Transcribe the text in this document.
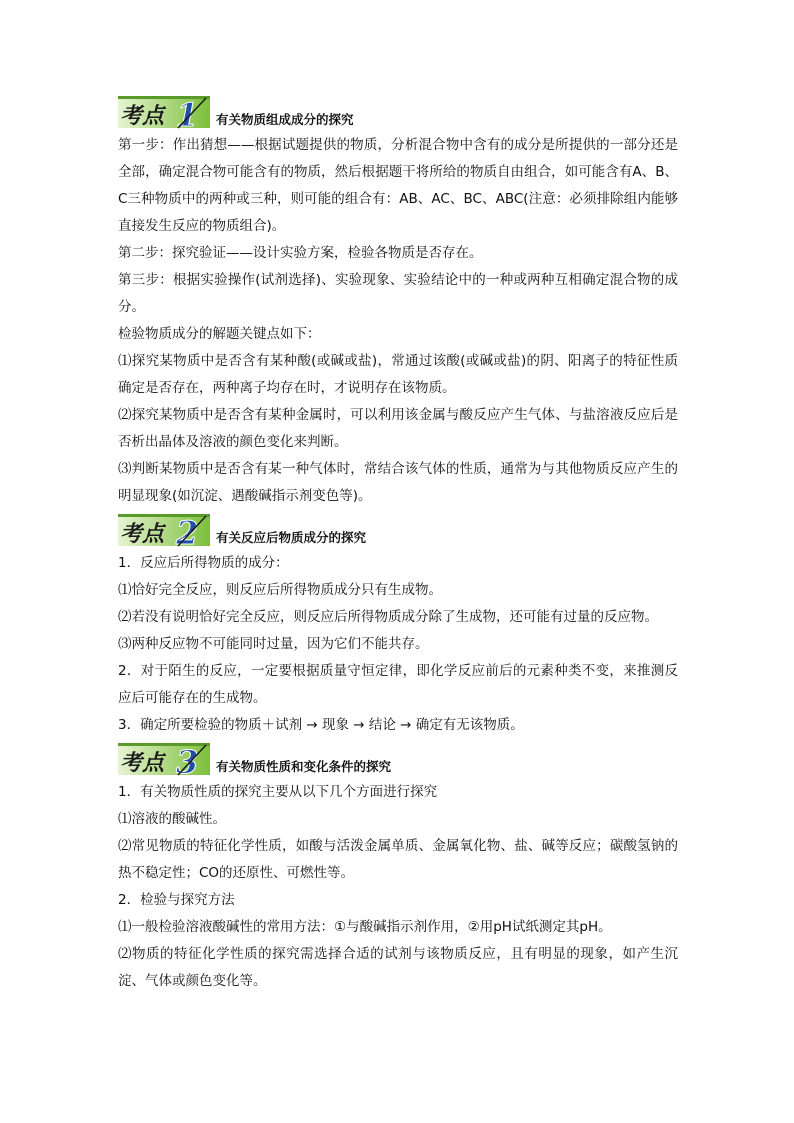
考点 1 有关物质组成成分的探究

第一步：作出猜想——根据试题提供的物质，分析混合物中含有的成分是所提供的一部分还是全部，确定混合物可能含有的物质，然后根据题干将所给的物质自由组合，如可能含有A、B、C三种物质中的两种或三种，则可能的组合有：AB、AC、BC、ABC(注意：必须排除组内能够直接发生反应的物质组合)。

第二步：探究验证——设计实验方案，检验各物质是否存在。

第三步：根据实验操作(试剂选择)、实验现象、实验结论中的一种或两种互相确定混合物的成分。

检验物质成分的解题关键点如下：

⑴探究某物质中是否含有某种酸(或碱或盐)，常通过该酸(或碱或盐)的阴、阳离子的特征性质确定是否存在，两种离子均存在时，才说明存在该物质。

⑵探究某物质中是否含有某种金属时，可以利用该金属与酸反应产生气体、与盐溶液反应后是否析出晶体及溶液的颜色变化来判断。

⑶判断某物质中是否含有某一种气体时，常结合该气体的性质，通常为与其他物质反应产生的明显现象(如沉淀、遇酸碱指示剂变色等)。

考点 2 有关反应后物质成分的探究

1．反应后所得物质的成分：

⑴恰好完全反应，则反应后所得物质成分只有生成物。

⑵若没有说明恰好完全反应，则反应后所得物质成分除了生成物，还可能有过量的反应物。

⑶两种反应物不可能同时过量，因为它们不能共存。

2．对于陌生的反应，一定要根据质量守恒定律，即化学反应前后的元素种类不变，来推测反应后可能存在的生成物。

3．确定所要检验的物质＋试剂 → 现象 → 结论 → 确定有无该物质。

考点 3 有关物质性质和变化条件的探究

1．有关物质性质的探究主要从以下几个方面进行探究

⑴溶液的酸碱性。

⑵常见物质的特征化学性质，如酸与活泼金属单质、金属氧化物、盐、碱等反应；碳酸氢钠的热不稳定性；CO的还原性、可燃性等。

2．检验与探究方法

⑴一般检验溶液酸碱性的常用方法：①与酸碱指示剂作用，②用pH试纸测定其pH。

⑵物质的特征化学性质的探究需选择合适的试剂与该物质反应，且有明显的现象，如产生沉淀、气体或颜色变化等。
